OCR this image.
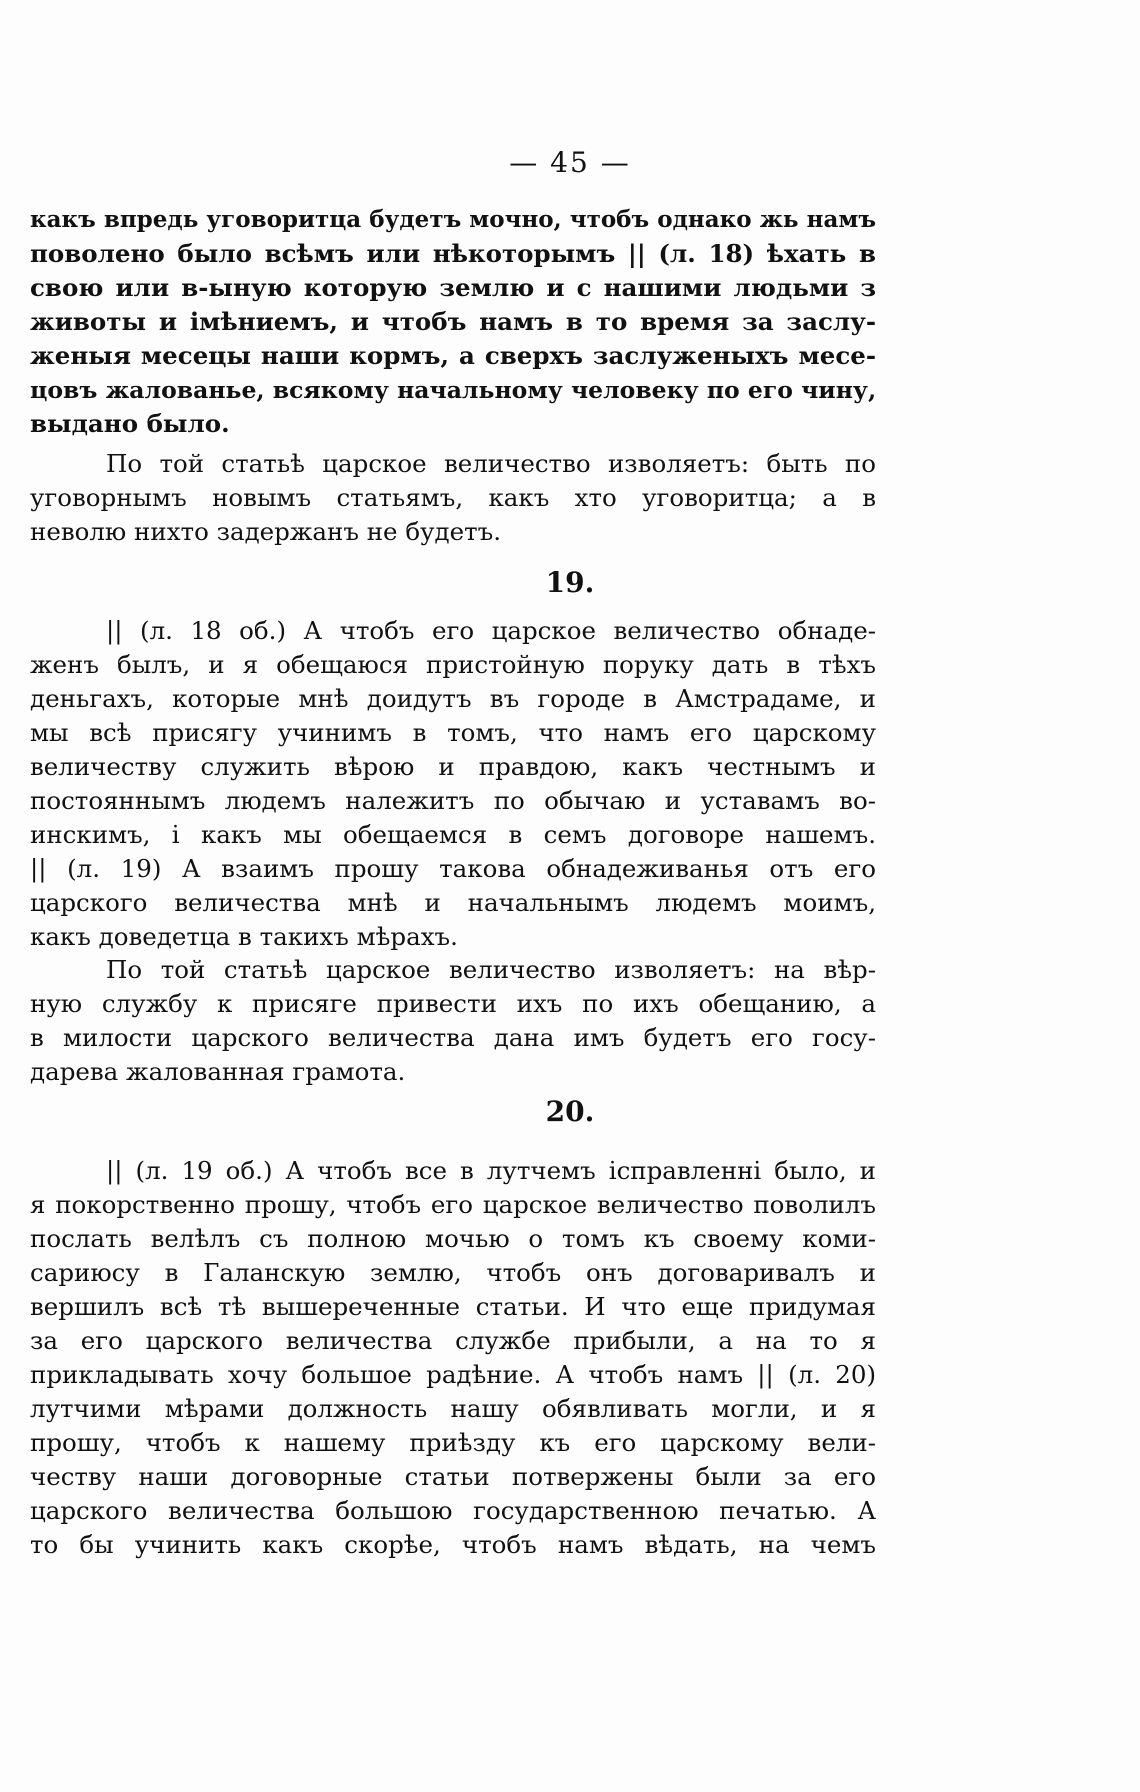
— 45 —
какъ впредь уговоритца будетъ мочно, чтобъ однако жь намъ
поволено было всѣмъ или нѣкоторымъ || (л. 18) ѣхать в
свою или в-ыную которую землю и с нашими людьми з
животы и імѣниемъ, и чтобъ намъ в то время за заслу-
женыя месецы наши кормъ, а сверхъ заслуженыхъ месе-
цовъ жалованье, всякому начальному человеку по его чину,
выдано было.
По той статьѣ царское величество изволяетъ: быть по
уговорнымъ новымъ статьямъ, какъ хто уговоритца; а в
неволю нихто задержанъ не будетъ.
19.
|| (л. 18 об.) А чтобъ его царское величество обнаде-
женъ былъ, и я обещаюся пристойную поруку дать в тѣхъ
деньгахъ, которые мнѣ доидутъ въ городе в Амстрадаме, и
мы всѣ присягу учинимъ в томъ, что намъ его царскому
величеству служить вѣрою и правдою, какъ честнымъ и
постояннымъ людемъ належитъ по обычаю и уставамъ во-
инскимъ, і какъ мы обещаемся в семъ договоре нашемъ.
|| (л. 19) А взаимъ прошу такова обнадеживанья отъ его
царского величества мнѣ и начальнымъ людемъ моимъ,
какъ доведетца в такихъ мѣрахъ.
По той статьѣ царское величество изволяетъ: на вѣр-
ную службу к присяге привести ихъ по ихъ обещанию, а
в милости царского величества дана имъ будетъ его госу-
дарева жалованная грамота.
20.
|| (л. 19 об.) А чтобъ все в лутчемъ ісправленні было, и
я покорственно прошу, чтобъ его царское величество поволилъ
послать велѣлъ съ полною мочью о томъ къ своему коми-
сариюсу в Галанскую землю, чтобъ онъ договаривалъ и
вершилъ всѣ тѣ вышереченные статьи. И что еще придумая
за его царского величества службе прибыли, а на то я
прикладывать хочу большое радѣние. А чтобъ намъ || (л. 20)
лутчими мѣрами должность нашу обявливать могли, и я
прошу, чтобъ к нашему приѣзду къ его царскому вели-
честву наши договорные статьи потвержены были за его
царского величества большою государственною печатью. А
то бы учинить какъ скорѣе, чтобъ намъ вѣдать, на чемъ
